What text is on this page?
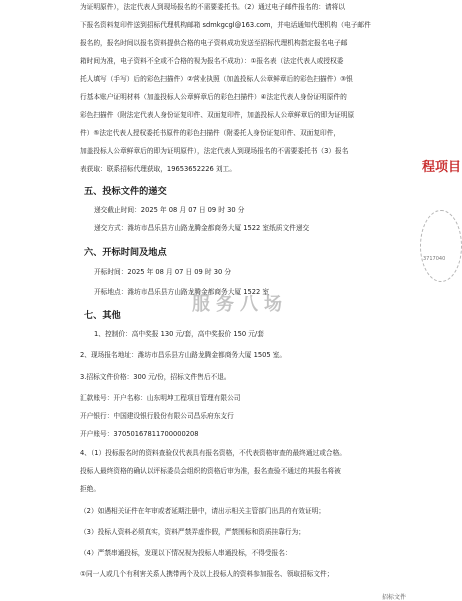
为证明原件），法定代表人到现场报名的不需要委托书。（2）通过电子邮件报名的：请将以
下报名资料复印件送到招标代理机构邮箱 sdmkgcgl@163.com，并电话通知代理机构（电子邮件
报名的，报名时间以报名资料提供合格的电子资料成功发送至招标代理机构指定报名电子邮
箱时间为准，电子资料不全或不合格的视为报名不成功）：①报名表（法定代表人或授权委
托人填写（手写）后的彩色扫描件）②营业执照（加盖投标人公章鲜章后的彩色扫描件）③银
行基本账户证明材料（加盖投标人公章鲜章后的彩色扫描件）④法定代表人身份证明原件的
彩色扫描件（附法定代表人身份证复印件、双面复印件，加盖投标人公章鲜章后的即为证明原
件）⑤法定代表人授权委托书原件的彩色扫描件（附委托人身份证复印件、双面复印件，
加盖投标人公章鲜章后的即为证明原件），法定代表人到现场报名的不需要委托书（3）报名
表获取：联系招标代理获取，19653652226 刘工。
五、投标文件的递交
递交截止时间：2025 年 08 月 07 日 09 时 30 分
递交方式：潍坊市昌乐县方山路龙腾金都商务大厦 1522 室纸质文件递交
六、开标时间及地点
开标时间：2025 年 08 月 07 日 09 时 30 分
开标地点：潍坊市昌乐县方山路龙腾金都商务大厦 1522 室
七、其他
1、控制价：高中奖报 130 元/套，高中奖报价 150 元/套
2、现场报名地址：潍坊市昌乐县方山路龙腾金都商务大厦 1505 室。
3.招标文件价格：300 元/份，招标文件售后不退。
汇款账号：开户名称：山东明坤工程项目管理有限公司
开户银行：中国建设银行股份有限公司昌乐府东支行
开户账号：37050167811700000208
4、（1）投标报名时的资料查验仅代表具有报名资格，不代表资格审查的最终通过或合格。
投标人最终资格的确认以评标委员会组织的资格后审为准，报名查验不通过的其报名将被
拒绝。
（2）如遇相关证件在年审或者延期注册中，请出示相关主管部门出具的有效证明；
（3）投标人资料必须真实，资料严禁弄虚作假，严禁围标和资质挂靠行为；
（4）严禁串通投标，发现以下情况视为投标人串通投标，不得受报名：
①同一人或几个有利害关系人携带两个及以上投标人的资料参加报名、领取招标文件；
服务八场
程项目
3717040
招标文件
